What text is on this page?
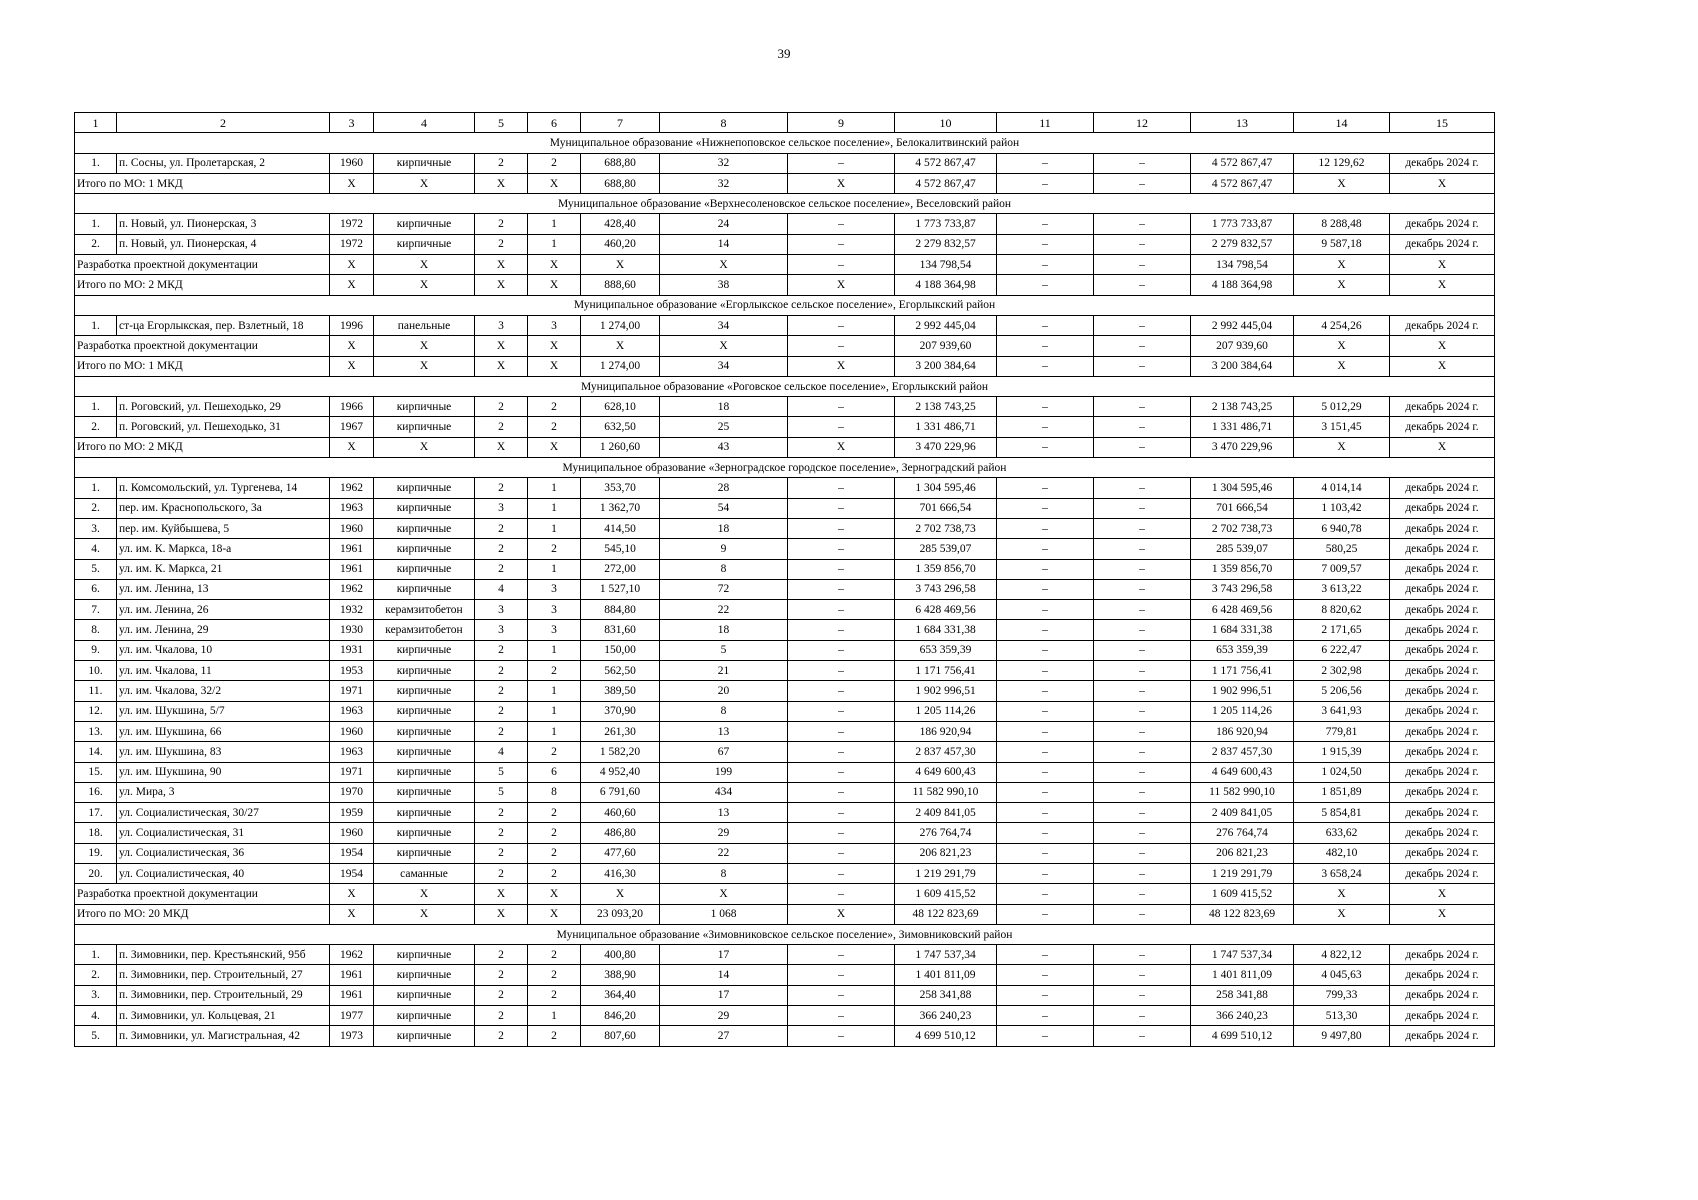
39
1	2	3	4	5	6	7	8	9	10	11	12	13	14	15
Муниципальное образование «Нижнепоповское сельское поселение», Белокалитвинский район														
1.	п. Сосны, ул. Пролетарская, 2	1960	кирпичные	2	2	688,80	32	–	4 572 867,47	–	–	4 572 867,47	12 129,62	декабрь 2024 г.
Итого по МО: 1 МКД		Х	Х	Х	Х	688,80	32	Х	4 572 867,47	–	–	4 572 867,47	Х	Х
Муниципальное образование «Верхнесоленовское сельское поселение», Веселовский район														
1.	п. Новый, ул. Пионерская, 3	1972	кирпичные	2	1	428,40	24	–	1 773 733,87	–	–	1 773 733,87	8 288,48	декабрь 2024 г.
2.	п. Новый, ул. Пионерская, 4	1972	кирпичные	2	1	460,20	14	–	2 279 832,57	–	–	2 279 832,57	9 587,18	декабрь 2024 г.
Разработка проектной документации		Х	Х	Х	Х	Х	Х	–	134 798,54	–	–	134 798,54	Х	Х
Итого по МО: 2 МКД		Х	Х	Х	Х	888,60	38	Х	4 188 364,98	–	–	4 188 364,98	Х	Х
Муниципальное образование «Егорлыкское сельское поселение», Егорлыкский район														
1.	ст-ца Егорлыкская, пер. Взлетный, 18	1996	панельные	3	3	1 274,00	34	–	2 992 445,04	–	–	2 992 445,04	4 254,26	декабрь 2024 г.
Разработка проектной документации		Х	Х	Х	Х	Х	Х	–	207 939,60	–	–	207 939,60	Х	Х
Итого по МО: 1 МКД		Х	Х	Х	Х	1 274,00	34	Х	3 200 384,64	–	–	3 200 384,64	Х	Х
Муниципальное образование «Роговское сельское поселение», Егорлыкский район														
1.	п. Роговский, ул. Пешеходько, 29	1966	кирпичные	2	2	628,10	18	–	2 138 743,25	–	–	2 138 743,25	5 012,29	декабрь 2024 г.
2.	п. Роговский, ул. Пешеходько, 31	1967	кирпичные	2	2	632,50	25	–	1 331 486,71	–	–	1 331 486,71	3 151,45	декабрь 2024 г.
Итого по МО: 2 МКД		Х	Х	Х	Х	1 260,60	43	Х	3 470 229,96	–	–	3 470 229,96	Х	Х
Муниципальное образование «Зерноградское городское поселение», Зерноградский район														
1.	п. Комсомольский, ул. Тургенева, 14	1962	кирпичные	2	1	353,70	28	–	1 304 595,46	–	–	1 304 595,46	4 014,14	декабрь 2024 г.
2.	пер. им. Краснопольского, 3а	1963	кирпичные	3	1	1 362,70	54	–	701 666,54	–	–	701 666,54	1 103,42	декабрь 2024 г.
3.	пер. им. Куйбышева, 5	1960	кирпичные	2	1	414,50	18	–	2 702 738,73	–	–	2 702 738,73	6 940,78	декабрь 2024 г.
4.	ул. им. К. Маркса, 18-а	1961	кирпичные	2	2	545,10	9	–	285 539,07	–	–	285 539,07	580,25	декабрь 2024 г.
5.	ул. им. К. Маркса, 21	1961	кирпичные	2	1	272,00	8	–	1 359 856,70	–	–	1 359 856,70	7 009,57	декабрь 2024 г.
6.	ул. им. Ленина, 13	1962	кирпичные	4	3	1 527,10	72	–	3 743 296,58	–	–	3 743 296,58	3 613,22	декабрь 2024 г.
7.	ул. им. Ленина, 26	1932	керамзитобетон	3	3	884,80	22	–	6 428 469,56	–	–	6 428 469,56	8 820,62	декабрь 2024 г.
8.	ул. им. Ленина, 29	1930	керамзитобетон	3	3	831,60	18	–	1 684 331,38	–	–	1 684 331,38	2 171,65	декабрь 2024 г.
9.	ул. им. Чкалова, 10	1931	кирпичные	2	1	150,00	5	–	653 359,39	–	–	653 359,39	6 222,47	декабрь 2024 г.
10.	ул. им. Чкалова, 11	1953	кирпичные	2	2	562,50	21	–	1 171 756,41	–	–	1 171 756,41	2 302,98	декабрь 2024 г.
11.	ул. им. Чкалова, 32/2	1971	кирпичные	2	1	389,50	20	–	1 902 996,51	–	–	1 902 996,51	5 206,56	декабрь 2024 г.
12.	ул. им. Шукшина, 5/7	1963	кирпичные	2	1	370,90	8	–	1 205 114,26	–	–	1 205 114,26	3 641,93	декабрь 2024 г.
13.	ул. им. Шукшина, 66	1960	кирпичные	2	1	261,30	13	–	186 920,94	–	–	186 920,94	779,81	декабрь 2024 г.
14.	ул. им. Шукшина, 83	1963	кирпичные	4	2	1 582,20	67	–	2 837 457,30	–	–	2 837 457,30	1 915,39	декабрь 2024 г.
15.	ул. им. Шукшина, 90	1971	кирпичные	5	6	4 952,40	199	–	4 649 600,43	–	–	4 649 600,43	1 024,50	декабрь 2024 г.
16.	ул. Мира, 3	1970	кирпичные	5	8	6 791,60	434	–	11 582 990,10	–	–	11 582 990,10	1 851,89	декабрь 2024 г.
17.	ул. Социалистическая, 30/27	1959	кирпичные	2	2	460,60	13	–	2 409 841,05	–	–	2 409 841,05	5 854,81	декабрь 2024 г.
18.	ул. Социалистическая, 31	1960	кирпичные	2	2	486,80	29	–	276 764,74	–	–	276 764,74	633,62	декабрь 2024 г.
19.	ул. Социалистическая, 36	1954	кирпичные	2	2	477,60	22	–	206 821,23	–	–	206 821,23	482,10	декабрь 2024 г.
20.	ул. Социалистическая, 40	1954	саманные	2	2	416,30	8	–	1 219 291,79	–	–	1 219 291,79	3 658,24	декабрь 2024 г.
Разработка проектной документации		Х	Х	Х	Х	Х	Х	–	1 609 415,52	–	–	1 609 415,52	Х	Х
Итого по МО: 20 МКД		Х	Х	Х	Х	23 093,20	1 068	Х	48 122 823,69	–	–	48 122 823,69	Х	Х
Муниципальное образование «Зимовниковское сельское поселение», Зимовниковский район														
1.	п. Зимовники, пер. Крестьянский, 95б	1962	кирпичные	2	2	400,80	17	–	1 747 537,34	–	–	1 747 537,34	4 822,12	декабрь 2024 г.
2.	п. Зимовники, пер. Строительный, 27	1961	кирпичные	2	2	388,90	14	–	1 401 811,09	–	–	1 401 811,09	4 045,63	декабрь 2024 г.
3.	п. Зимовники, пер. Строительный, 29	1961	кирпичные	2	2	364,40	17	–	258 341,88	–	–	258 341,88	799,33	декабрь 2024 г.
4.	п. Зимовники, ул. Кольцевая, 21	1977	кирпичные	2	1	846,20	29	–	366 240,23	–	–	366 240,23	513,30	декабрь 2024 г.
5.	п. Зимовники, ул. Магистральная, 42	1973	кирпичные	2	2	807,60	27	–	4 699 510,12	–	–	4 699 510,12	9 497,80	декабрь 2024 г.
